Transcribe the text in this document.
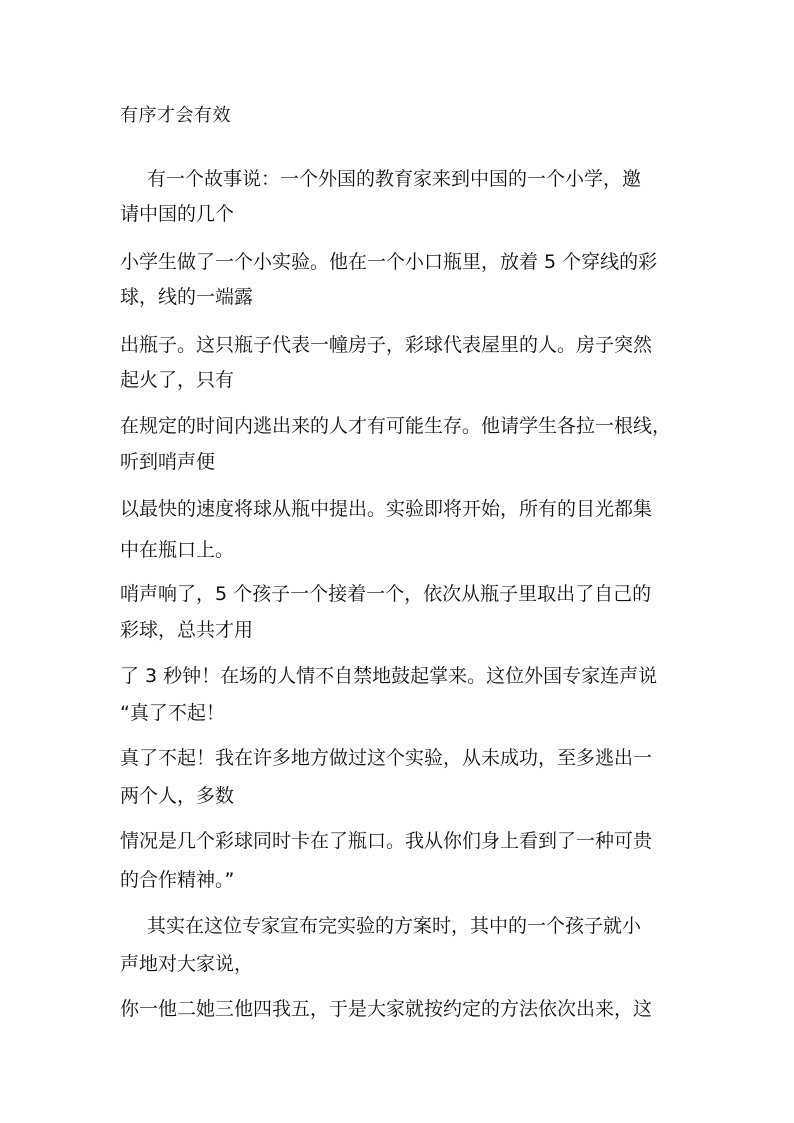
有序才会有效
有一个故事说：一个外国的教育家来到中国的一个小学，邀
请中国的几个
小学生做了一个小实验。他在一个小口瓶里，放着 5 个穿线的彩
球，线的一端露
出瓶子。这只瓶子代表一幢房子，彩球代表屋里的人。房子突然
起火了，只有
在规定的时间内逃出来的人才有可能生存。他请学生各拉一根线，
听到哨声便
以最快的速度将球从瓶中提出。实验即将开始，所有的目光都集
中在瓶口上。
哨声响了，5 个孩子一个接着一个，依次从瓶子里取出了自己的
彩球，总共才用
了 3 秒钟！在场的人情不自禁地鼓起掌来。这位外国专家连声说
“真了不起！
真了不起！我在许多地方做过这个实验，从未成功，至多逃出一
两个人，多数
情况是几个彩球同时卡在了瓶口。我从你们身上看到了一种可贵
的合作精神。”
其实在这位专家宣布完实验的方案时，其中的一个孩子就小
声地对大家说，
你一他二她三他四我五，于是大家就按约定的方法依次出来，这
